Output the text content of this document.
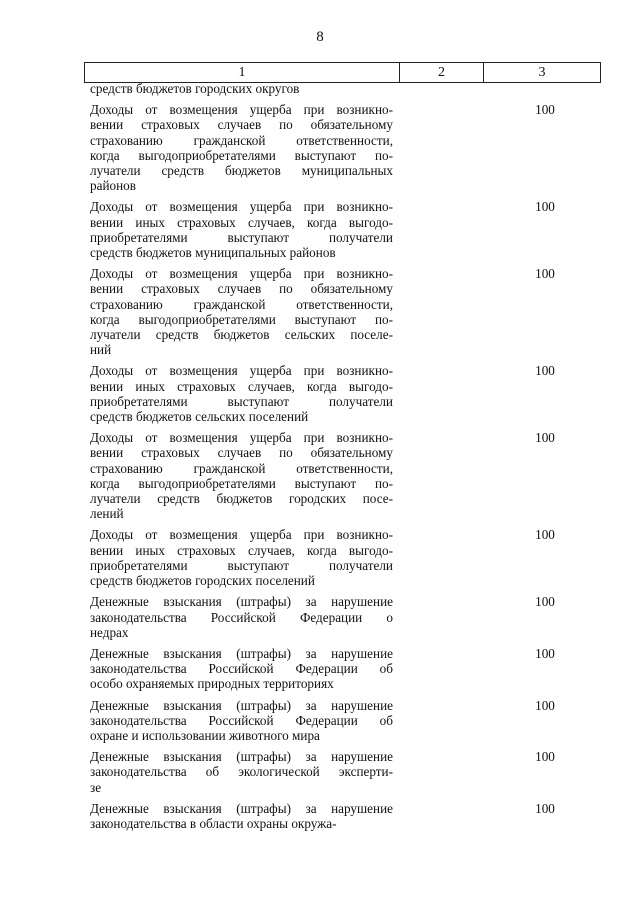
8
1	2	3
средств бюджетов городских округов
Доходы от возмещения ущерба при возникно-
вении страховых случаев по обязательному
страхованию гражданской ответственности,
когда выгодоприобретателями выступают по-
лучатели средств бюджетов муниципальных
районов
100
Доходы от возмещения ущерба при возникно-
вении иных страховых случаев, когда выгодо-
приобретателями выступают получатели
средств бюджетов муниципальных районов
100
Доходы от возмещения ущерба при возникно-
вении страховых случаев по обязательному
страхованию гражданской ответственности,
когда выгодоприобретателями выступают по-
лучатели средств бюджетов сельских поселе-
ний
100
Доходы от возмещения ущерба при возникно-
вении иных страховых случаев, когда выгодо-
приобретателями выступают получатели
средств бюджетов сельских поселений
100
Доходы от возмещения ущерба при возникно-
вении страховых случаев по обязательному
страхованию гражданской ответственности,
когда выгодоприобретателями выступают по-
лучатели средств бюджетов городских посе-
лений
100
Доходы от возмещения ущерба при возникно-
вении иных страховых случаев, когда выгодо-
приобретателями выступают получатели
средств бюджетов городских поселений
100
Денежные взыскания (штрафы) за нарушение
законодательства Российской Федерации о
недрах
100
Денежные взыскания (штрафы) за нарушение
законодательства Российской Федерации об
особо охраняемых природных территориях
100
Денежные взыскания (штрафы) за нарушение
законодательства Российской Федерации об
охране и использовании животного мира
100
Денежные взыскания (штрафы) за нарушение
законодательства об экологической эксперти-
зе
100
Денежные взыскания (штрафы) за нарушение
законодательства в области охраны окружа-
100
